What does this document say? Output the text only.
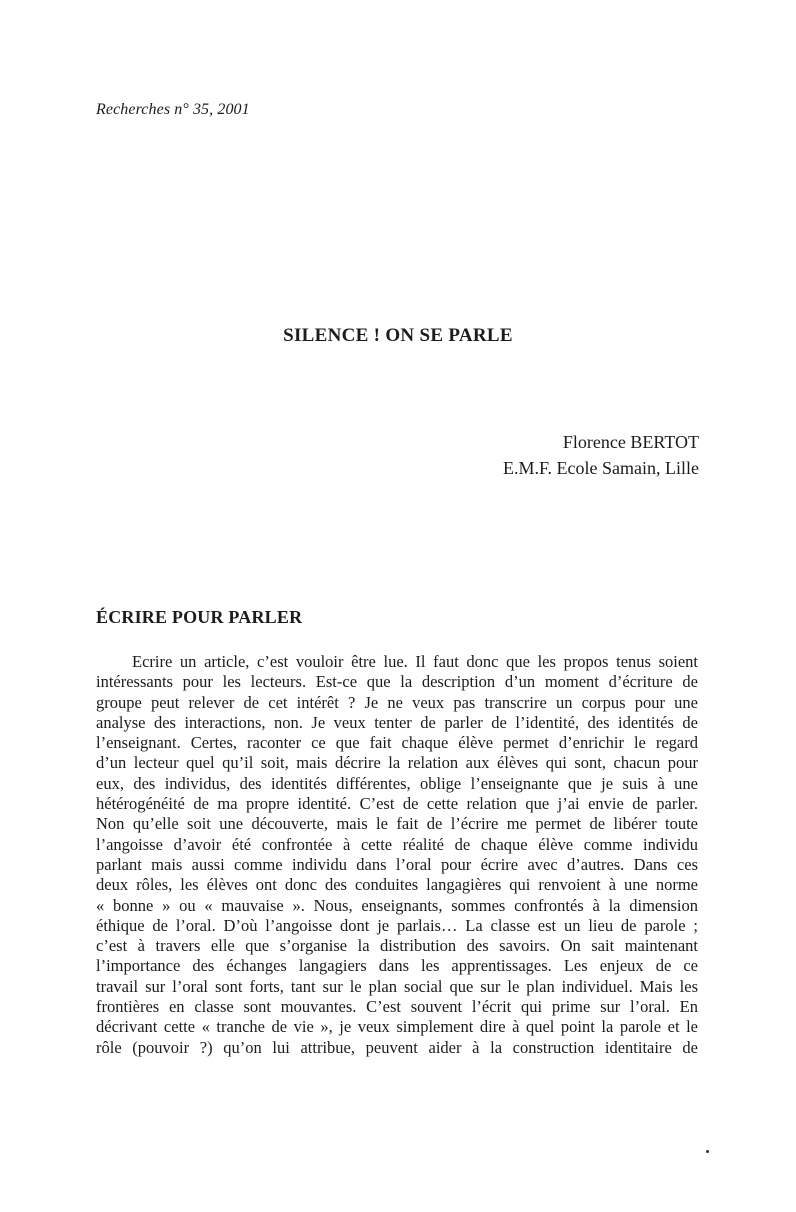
Recherches n° 35, 2001
SILENCE ! ON SE PARLE
Florence BERTOT
E.M.F. Ecole Samain, Lille
ÉCRIRE POUR PARLER
Ecrire un article, c’est vouloir être lue. Il faut donc que les propos tenus soient
intéressants pour les lecteurs. Est-ce que la description d’un moment d’écriture de
groupe peut relever de cet intérêt ? Je ne veux pas transcrire un corpus pour une
analyse des interactions, non. Je veux tenter de parler de l’identité, des identités de
l’enseignant. Certes, raconter ce que fait chaque élève permet d’enrichir le regard
d’un lecteur quel qu’il soit, mais décrire la relation aux élèves qui sont, chacun pour
eux, des individus, des identités différentes, oblige l’enseignante que je suis à une
hétérogénéité de ma propre identité. C’est de cette relation que j’ai envie de parler.
Non qu’elle soit une découverte, mais le fait de l’écrire me permet de libérer toute
l’angoisse d’avoir été confrontée à cette réalité de chaque élève comme individu
parlant mais aussi comme individu dans l’oral pour écrire avec d’autres. Dans ces
deux rôles, les élèves ont donc des conduites langagières qui renvoient à une norme
« bonne » ou « mauvaise ». Nous, enseignants, sommes confrontés à la dimension
éthique de l’oral. D’où l’angoisse dont je parlais… La classe est un lieu de parole ;
c’est à travers elle que s’organise la distribution des savoirs. On sait maintenant
l’importance des échanges langagiers dans les apprentissages. Les enjeux de ce
travail sur l’oral sont forts, tant sur le plan social que sur le plan individuel. Mais les
frontières en classe sont mouvantes. C’est souvent l’écrit qui prime sur l’oral. En
décrivant cette « tranche de vie », je veux simplement dire à quel point la parole et le
rôle (pouvoir ?) qu’on lui attribue, peuvent aider à la construction identitaire de
